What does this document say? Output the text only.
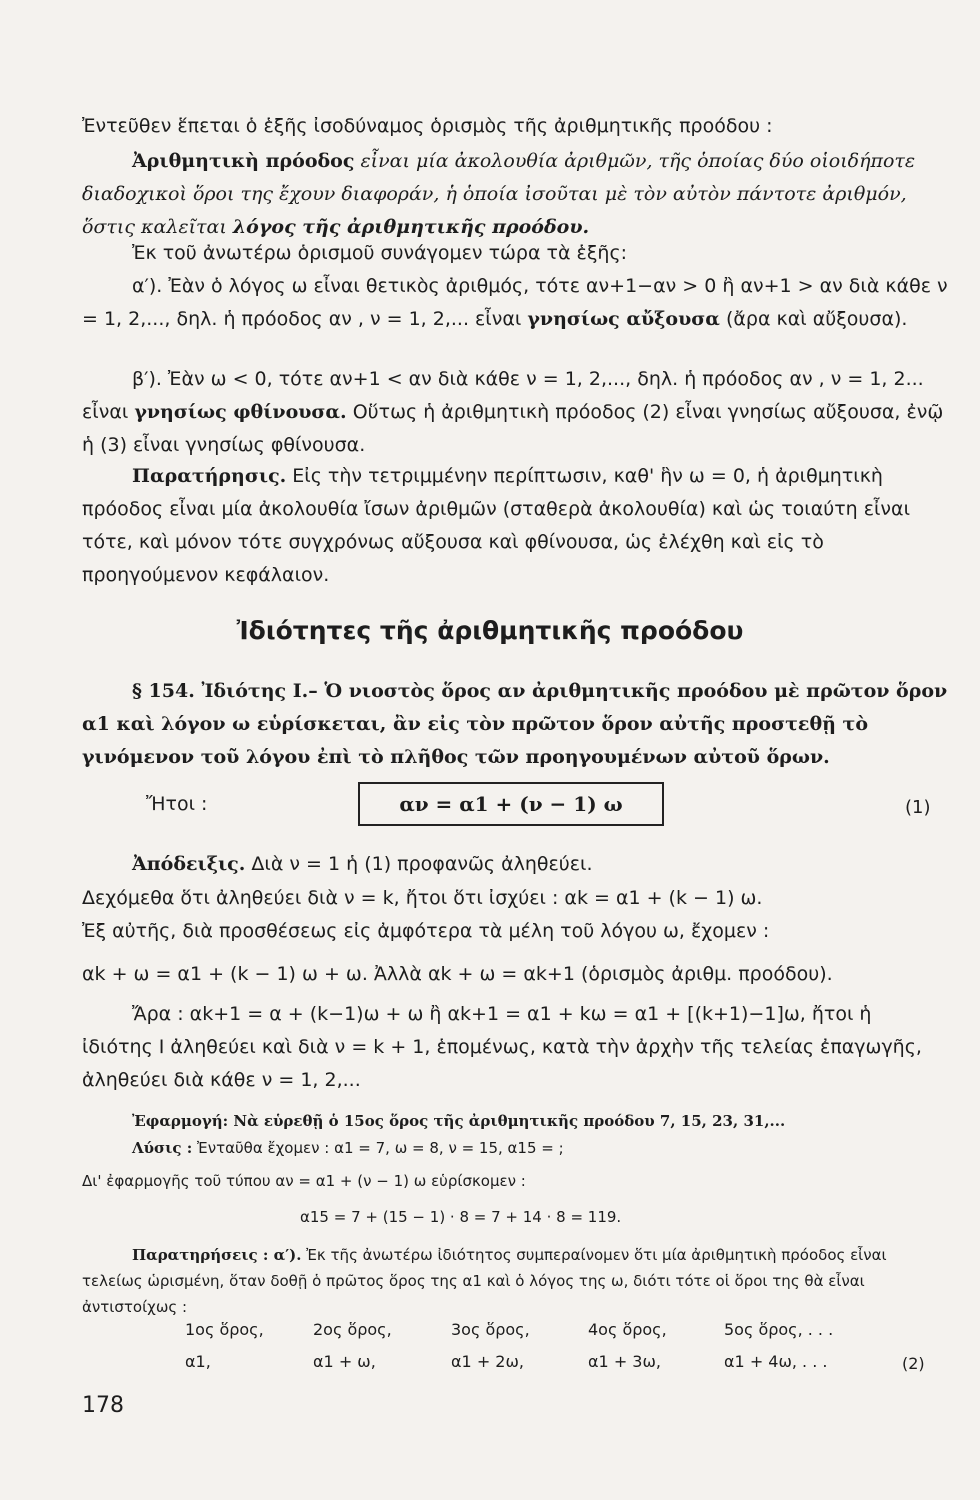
Ἐντεῦθεν ἕπεται ὁ ἑξῆς ἰσοδύναμος ὁρισμὸς τῆς ἀριθμητικῆς προόδου :

Ἀριθμητικὴ πρόοδος εἶναι μία ἀκολουθία ἀριθμῶν, τῆς ὁποίας δύο οἱοιδήποτε διαδοχικοὶ ὅροι της ἔχουν διαφοράν, ἡ ὁποία ἰσοῦται μὲ τὸν αὐτὸν πάντοτε ἀριθμόν, ὅστις καλεῖται λόγος τῆς ἀριθμητικῆς προόδου.

Ἐκ τοῦ ἀνωτέρω ὁρισμοῦ συνάγομεν τώρα τὰ ἑξῆς:

α′). Ἐὰν ὁ λόγος ω εἶναι θετικὸς ἀριθμός, τότε αν+1−αν > 0 ἢ αν+1 > αν διὰ κάθε ν = 1, 2,..., δηλ. ἡ πρόοδος αν , ν = 1, 2,... εἶναι γνησίως αὔξουσα (ἄρα καὶ αὔξουσα).

β′). Ἐὰν ω < 0, τότε αν+1 < αν διὰ κάθε ν = 1, 2,..., δηλ. ἡ πρόοδος αν , ν = 1, 2... εἶναι γνησίως φθίνουσα. Οὕτως ἡ ἀριθμητικὴ πρόοδος (2) εἶναι γνησίως αὔξουσα, ἐνῷ ἡ (3) εἶναι γνησίως φθίνουσα.

Παρατήρησις. Εἰς τὴν τετριμμένην περίπτωσιν, καθ' ἣν ω = 0, ἡ ἀριθμητικὴ πρόοδος εἶναι μία ἀκολουθία ἴσων ἀριθμῶν (σταθερὰ ἀκολουθία) καὶ ὡς τοιαύτη εἶναι τότε, καὶ μόνον τότε συγχρόνως αὔξουσα καὶ φθίνουσα, ὡς ἐλέχθη καὶ εἰς τὸ προηγούμενον κεφάλαιον.

Ἰδιότητες τῆς ἀριθμητικῆς προόδου

§ 154. Ἰδιότης Ι.– Ὁ νιοστὸς ὅρος αν ἀριθμητικῆς προόδου μὲ πρῶτον ὅρον α1 καὶ λόγον ω εὑρίσκεται, ἂν εἰς τὸν πρῶτον ὅρον αὐτῆς προστεθῇ τὸ γινόμενον τοῦ λόγου ἐπὶ τὸ πλῆθος τῶν προηγουμένων αὐτοῦ ὅρων.

Ἤτοι :	αν = α1 + (ν − 1) ω	(1)

Ἀπόδειξις. Διὰ ν = 1 ἡ (1) προφανῶς ἀληθεύει.

Δεχόμεθα ὅτι ἀληθεύει διὰ ν = k, ἤτοι ὅτι ἰσχύει : αk = α1 + (k − 1) ω.

Ἐξ αὐτῆς, διὰ προσθέσεως εἰς ἀμφότερα τὰ μέλη τοῦ λόγου ω, ἔχομεν :

αk + ω = α1 + (k − 1) ω + ω. Ἀλλὰ αk + ω = αk+1 (ὁρισμὸς ἀριθμ. προόδου).

Ἄρα : αk+1 = α + (k−1)ω + ω ἢ αk+1 = α1 + kω = α1 + [(k+1)−1]ω, ἤτοι ἡ ἰδιότης Ι ἀληθεύει καὶ διὰ ν = k + 1, ἑπομένως, κατὰ τὴν ἀρχὴν τῆς τελείας ἐπαγωγῆς, ἀληθεύει διὰ κάθε ν = 1, 2,...

Ἐφαρμογή: Νὰ εὑρεθῇ ὁ 15ος ὅρος τῆς ἀριθμητικῆς προόδου 7, 15, 23, 31,...

Λύσις : Ἐνταῦθα ἔχομεν : α1 = 7, ω = 8, ν = 15, α15 = ;

Δι' ἐφαρμογῆς τοῦ τύπου αν = α1 + (ν − 1) ω εὑρίσκομεν :

α15 = 7 + (15 − 1) · 8 = 7 + 14 · 8 = 119.

Παρατηρήσεις : α′). Ἐκ τῆς ἀνωτέρω ἰδιότητος συμπεραίνομεν ὅτι μία ἀριθμητικὴ πρόοδος εἶναι τελείως ὡρισμένη, ὅταν δοθῇ ὁ πρῶτος ὅρος της α1 καὶ ὁ λόγος της ω, διότι τότε οἱ ὅροι της θὰ εἶναι ἀντιστοίχως :

1ος ὅρος,	2ος ὅρος,	3ος ὅρος,	4ος ὅρος,	5ος ὅρος, . . .
α1,	α1 + ω,	α1 + 2ω,	α1 + 3ω,	α1 + 4ω, . . .	(2)
178
